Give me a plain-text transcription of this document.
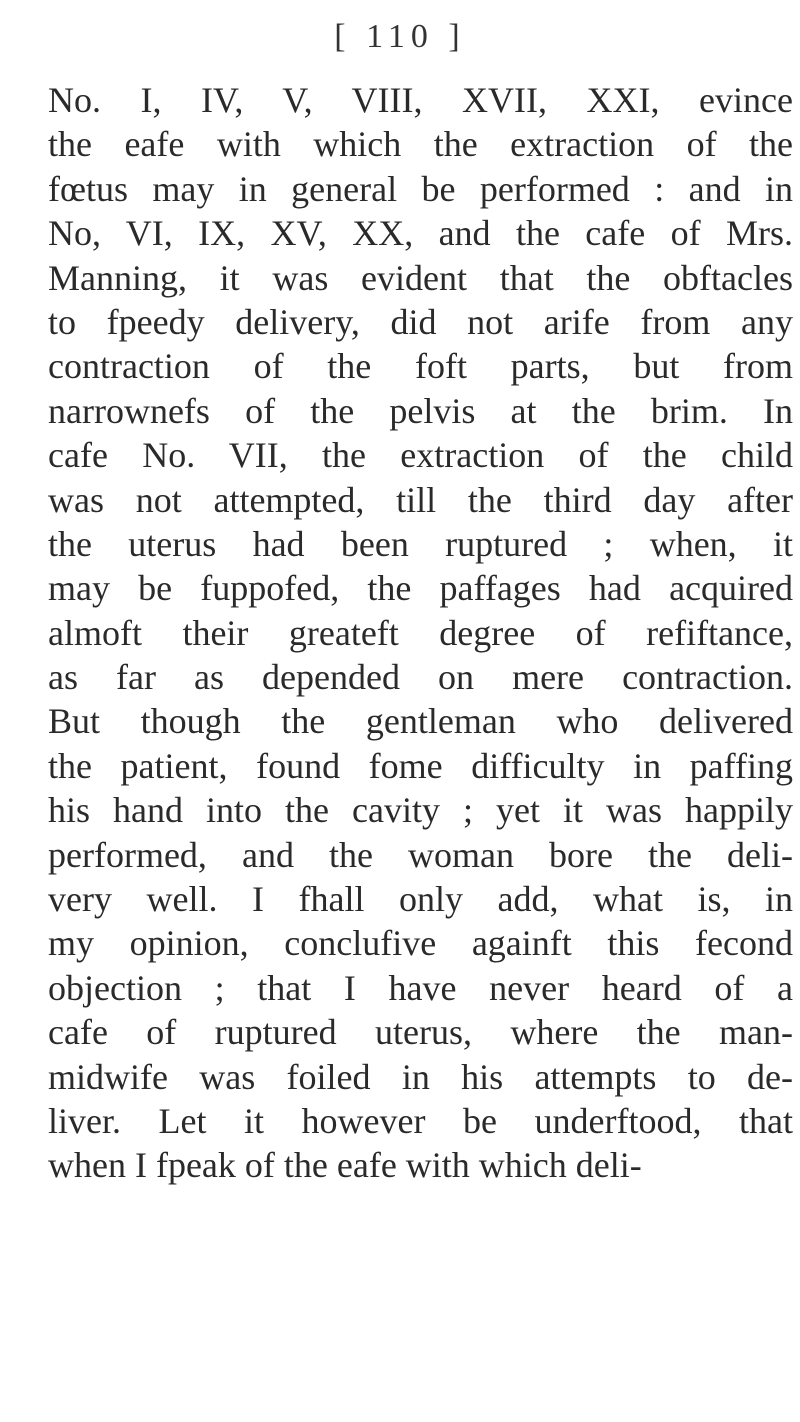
[ 110 ]
No. I, IV, V, VIII, XVII, XXI, evince
the eafe with which the extraction of the
fœtus may in general be performed : and in
No, VI, IX, XV, XX, and the cafe of Mrs.
Manning, it was evident that the obftacles
to fpeedy delivery, did not arife from any
contraction of the foft parts, but from
narrownefs of the pelvis at the brim. In
cafe No. VII, the extraction of the child
was not attempted, till the third day after
the uterus had been ruptured ; when, it
may be fuppofed, the paffages had acquired
almoft their greateft degree of refiftance,
as far as depended on mere contraction.
But though the gentleman who delivered
the patient, found fome difficulty in paffing
his hand into the cavity ; yet it was happily
performed, and the woman bore the deli-
very well. I fhall only add, what is, in
my opinion, conclufive againft this fecond
objection ; that I have never heard of a
cafe of ruptured uterus, where the man-
midwife was foiled in his attempts to de-
liver. Let it however be underftood, that
when I fpeak of the eafe with which deli-
